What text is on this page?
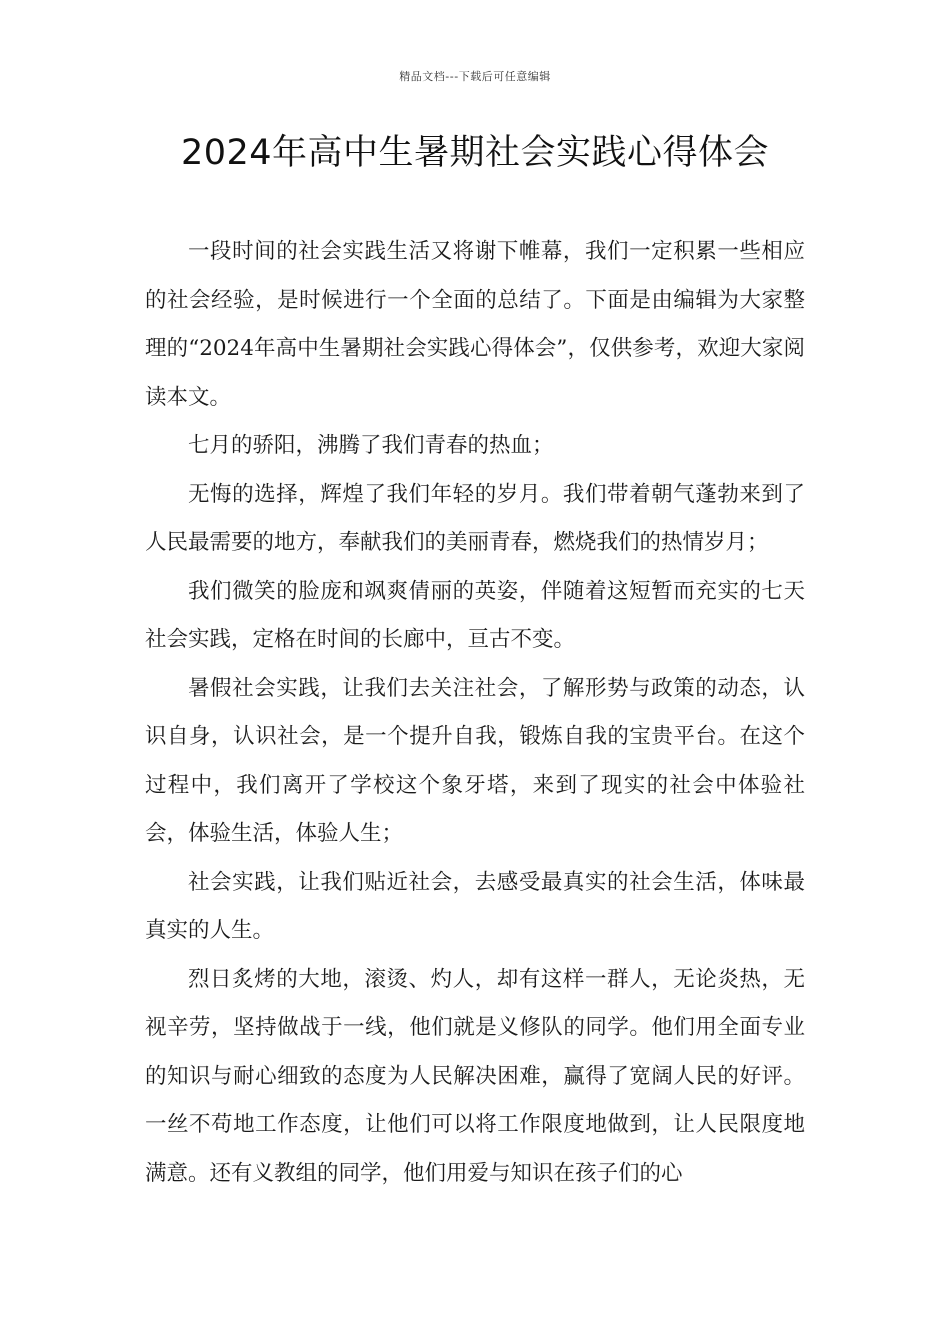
精品文档---下载后可任意编辑
2024年高中生暑期社会实践心得体会

一段时间的社会实践生活又将谢下帷幕，我们一定积累一些相应的社会经验，是时候进行一个全面的总结了。下面是由编辑为大家整理的“2024年高中生暑期社会实践心得体会”，仅供参考，欢迎大家阅读本文。

七月的骄阳，沸腾了我们青春的热血；

无悔的选择，辉煌了我们年轻的岁月。我们带着朝气蓬勃来到了人民最需要的地方，奉献我们的美丽青春，燃烧我们的热情岁月；

我们微笑的脸庞和飒爽倩丽的英姿，伴随着这短暂而充实的七天社会实践，定格在时间的长廊中，亘古不变。

暑假社会实践，让我们去关注社会，了解形势与政策的动态，认识自身，认识社会，是一个提升自我，锻炼自我的宝贵平台。在这个过程中，我们离开了学校这个象牙塔，来到了现实的社会中体验社会，体验生活，体验人生；

社会实践，让我们贴近社会，去感受最真实的社会生活，体味最真实的人生。

烈日炙烤的大地，滚烫、灼人，却有这样一群人，无论炎热，无视辛劳，坚持做战于一线，他们就是义修队的同学。他们用全面专业的知识与耐心细致的态度为人民解决困难，赢得了宽阔人民的好评。一丝不苟地工作态度，让他们可以将工作限度地做到，让人民限度地满意。还有义教组的同学，他们用爱与知识在孩子们的心
